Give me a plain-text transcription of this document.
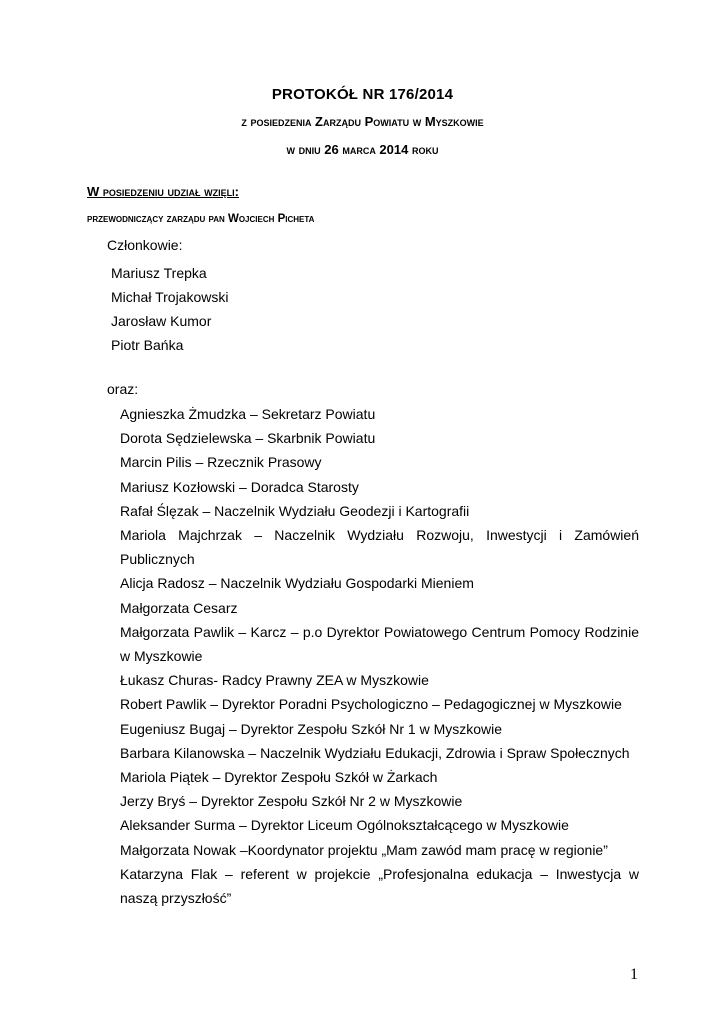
PROTOKÓŁ NR 176/2014
z posiedzenia Zarządu Powiatu w Myszkowie
w dniu 26 marca 2014 roku
W posiedzeniu udział wzięli:
przewodniczący zarządu pan Wojciech Picheta
Członkowie:
Mariusz Trepka
Michał Trojakowski
Jarosław Kumor
Piotr Bańka
oraz:
Agnieszka Żmudzka – Sekretarz Powiatu
Dorota Sędzielewska – Skarbnik Powiatu
Marcin Pilis – Rzecznik Prasowy
Mariusz Kozłowski – Doradca Starosty
Rafał Ślęzak – Naczelnik Wydziału Geodezji i Kartografii
Mariola Majchrzak – Naczelnik Wydziału Rozwoju, Inwestycji i Zamówień Publicznych
Alicja Radosz – Naczelnik Wydziału Gospodarki Mieniem
Małgorzata Cesarz
Małgorzata Pawlik – Karcz – p.o Dyrektor Powiatowego Centrum Pomocy Rodzinie w Myszkowie
Łukasz Churas- Radcy Prawny ZEA w Myszkowie
Robert Pawlik – Dyrektor Poradni Psychologiczno – Pedagogicznej w Myszkowie
Eugeniusz Bugaj – Dyrektor Zespołu Szkół Nr 1 w Myszkowie
Barbara Kilanowska – Naczelnik Wydziału Edukacji, Zdrowia i Spraw Społecznych
Mariola Piątek – Dyrektor Zespołu Szkół w Żarkach
Jerzy Bryś – Dyrektor Zespołu Szkół Nr 2 w Myszkowie
Aleksander Surma – Dyrektor Liceum Ogólnokształcącego w Myszkowie
Małgorzata Nowak –Koordynator projektu „Mam zawód mam pracę w regionie”
Katarzyna Flak – referent w projekcie „Profesjonalna edukacja – Inwestycja w naszą przyszłość”
1
